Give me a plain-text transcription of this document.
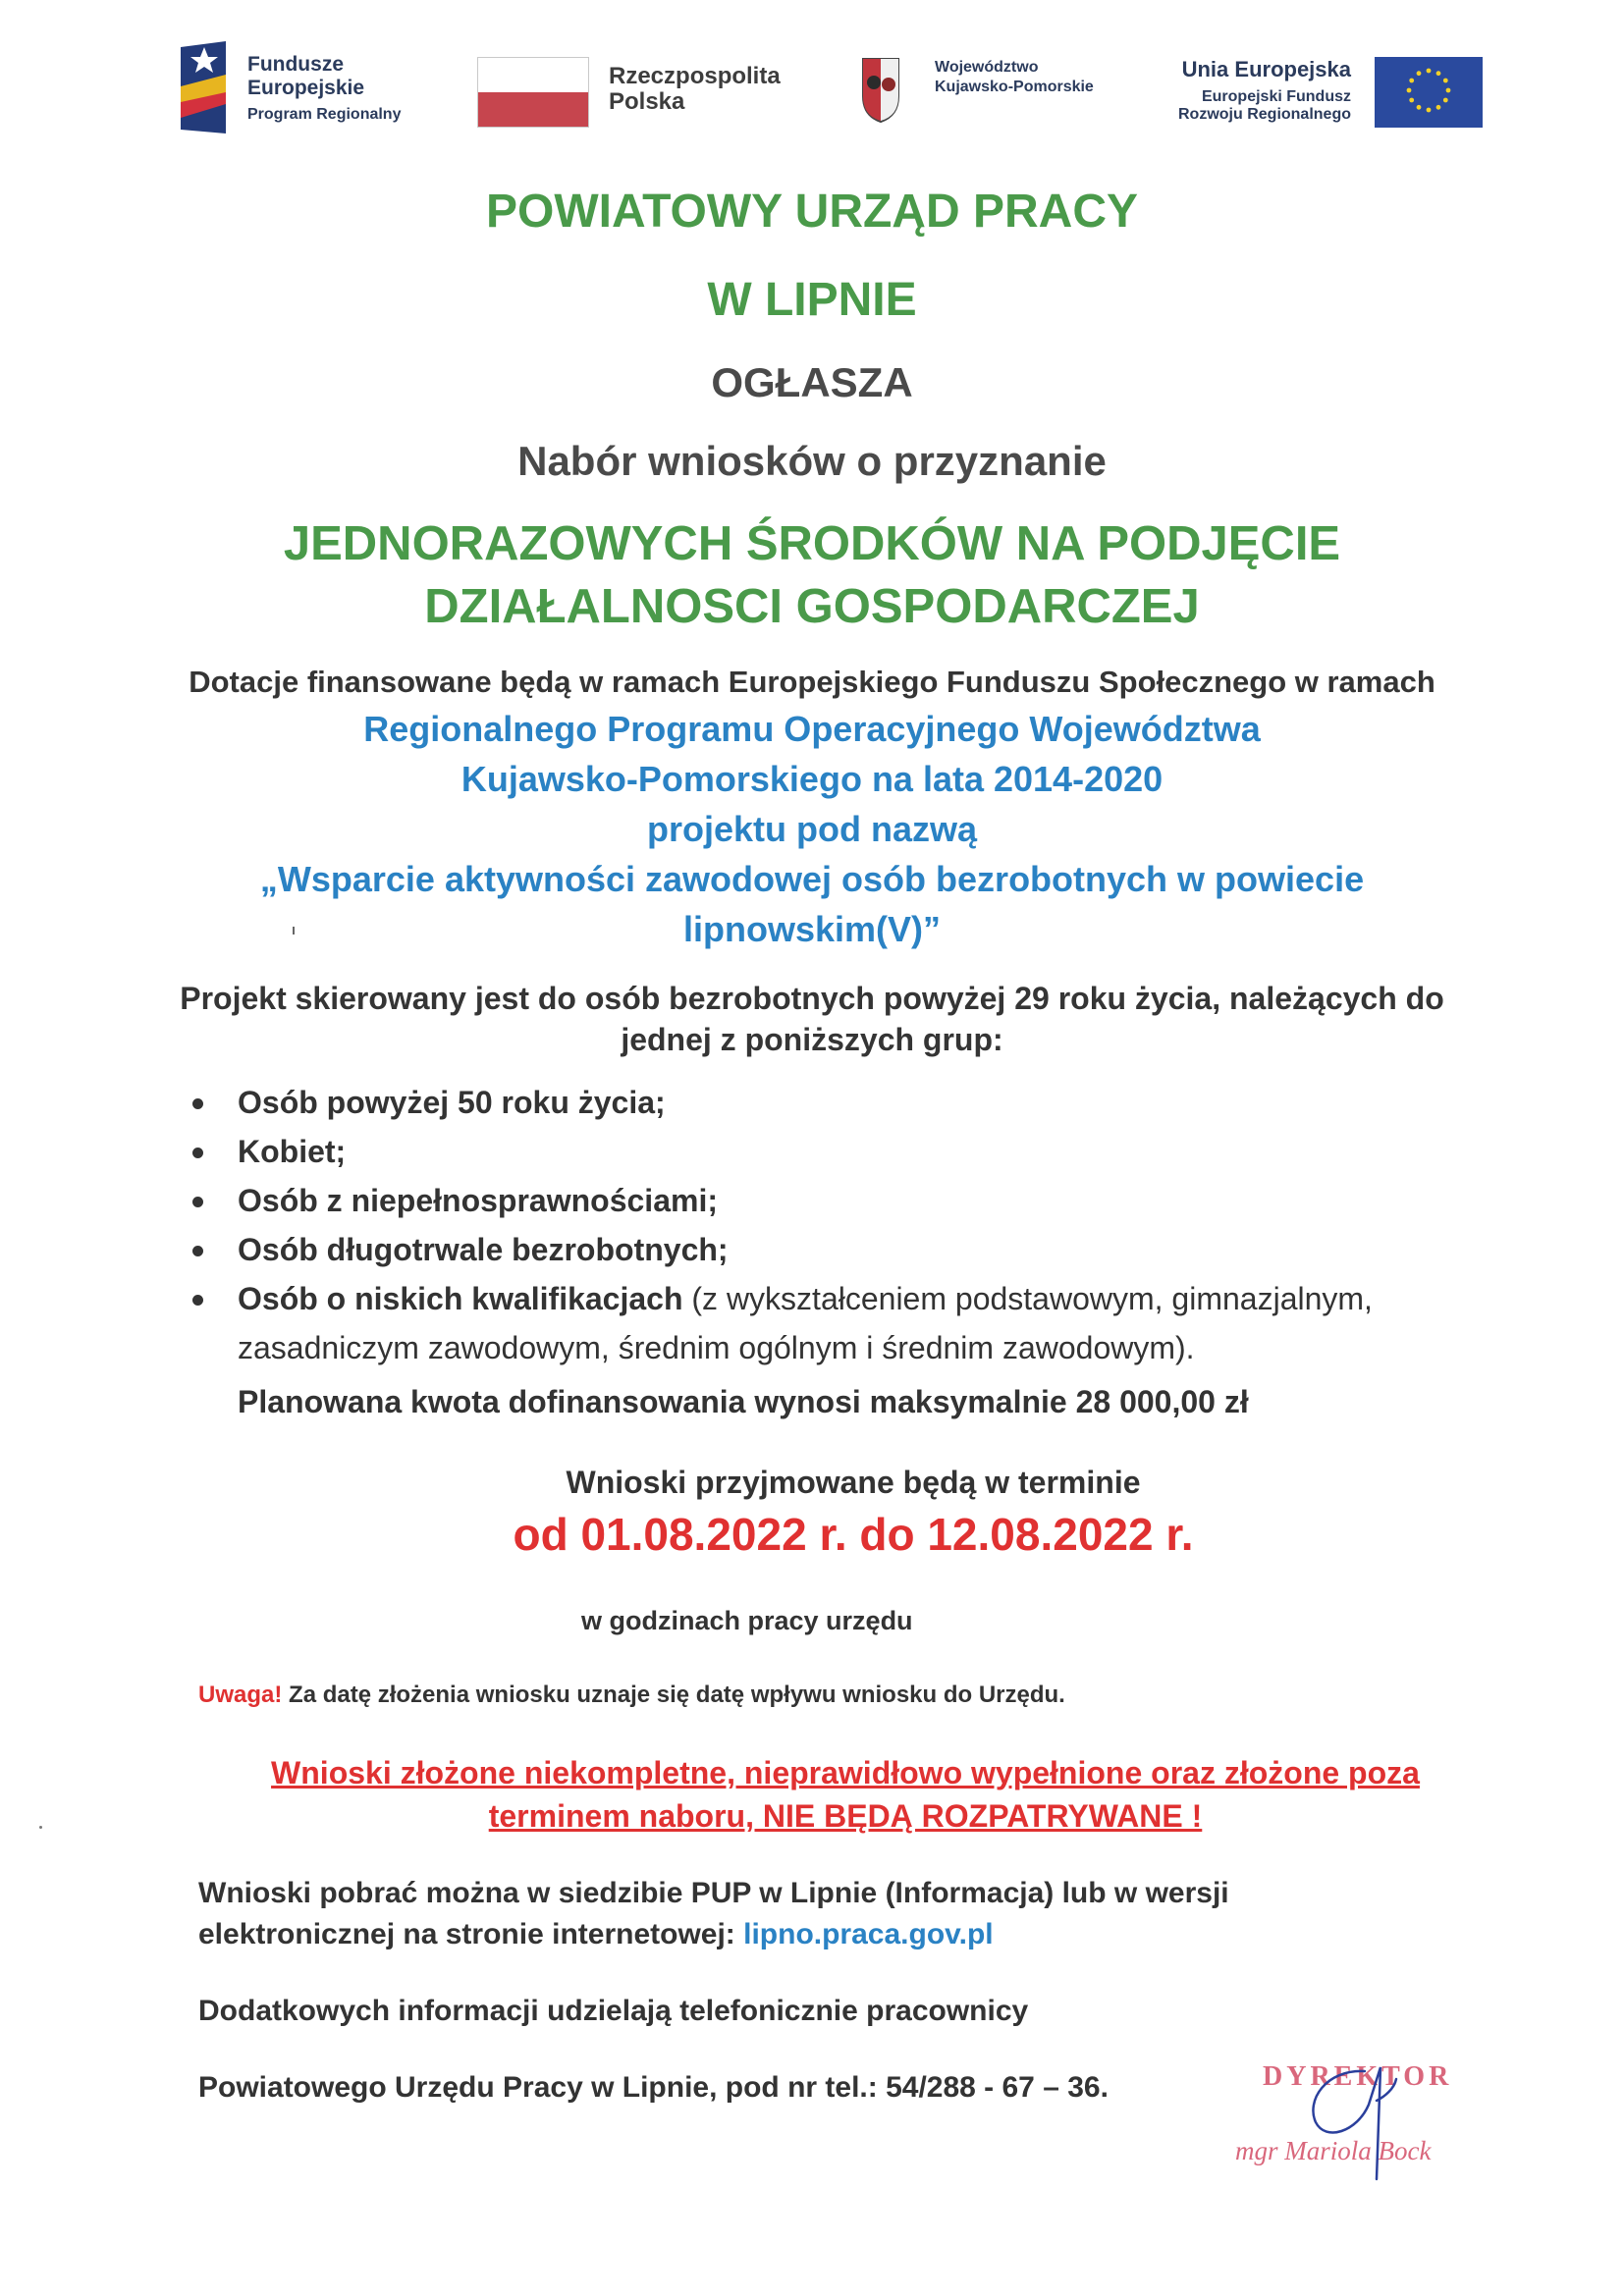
Fundusze
Europejskie
Program Regionalny
Rzeczpospolita
Polska
Województwo
Kujawsko-Pomorskie
Unia Europejska
Europejski Fundusz
Rozwoju Regionalnego
POWIATOWY URZĄD PRACY
W LIPNIE
OGŁASZA
Nabór wniosków o przyznanie
JEDNORAZOWYCH ŚRODKÓW NA PODJĘCIE
DZIAŁALNOSCI GOSPODARCZEJ
Dotacje finansowane będą w ramach Europejskiego Funduszu Społecznego w ramach
Regionalnego Programu Operacyjnego Województwa
Kujawsko-Pomorskiego na lata 2014-2020
projektu pod nazwą
„Wsparcie aktywności zawodowej osób bezrobotnych w powiecie
lipnowskim(V)”
Projekt skierowany jest do osób bezrobotnych powyżej 29 roku życia, należących do
jednej z poniższych grup:
Osób powyżej 50 roku życia;
Kobiet;
Osób z niepełnosprawnościami;
Osób długotrwale bezrobotnych;
Osób o niskich kwalifikacjach (z wykształceniem podstawowym, gimnazjalnym,
zasadniczym zawodowym, średnim ogólnym i średnim zawodowym).
Planowana kwota dofinansowania wynosi maksymalnie 28 000,00 zł
Wnioski przyjmowane będą w terminie
od 01.08.2022 r. do 12.08.2022 r.
w godzinach pracy urzędu
Uwaga! Za datę złożenia wniosku uznaje się datę wpływu wniosku do Urzędu.
Wnioski złożone niekompletne, nieprawidłowo wypełnione oraz złożone poza
terminem naboru, NIE BĘDĄ ROZPATRYWANE !
Wnioski pobrać można w siedzibie PUP w Lipnie (Informacja) lub w wersji
elektronicznej na stronie internetowej: lipno.praca.gov.pl
Dodatkowych informacji udzielają telefonicznie pracownicy
Powiatowego Urzędu Pracy w Lipnie, pod nr tel.: 54/288 - 67 – 36.	DYREKTOR
mgr Mariola Bock
